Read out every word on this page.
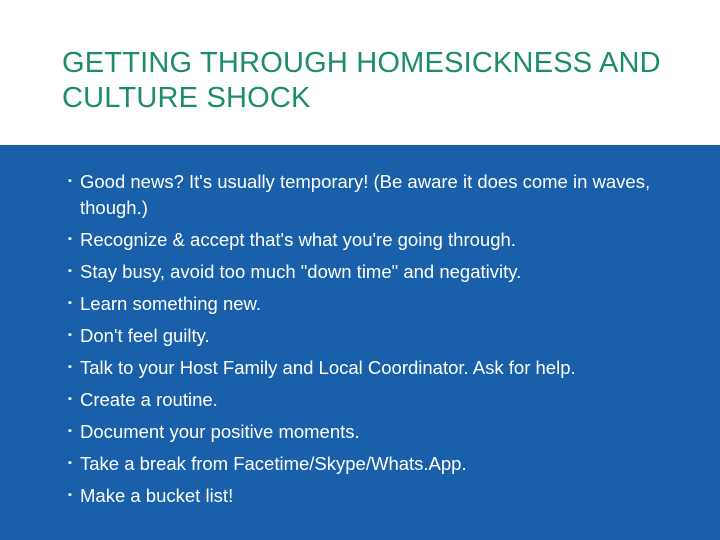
GETTING THROUGH HOMESICKNESS AND CULTURE SHOCK
▪ Good news? It's usually temporary! (Be aware it does come in waves, though.)
▪ Recognize & accept that's what you're going through.
▪ Stay busy, avoid too much "down time" and negativity.
▪ Learn something new.
▪ Don't feel guilty.
▪ Talk to your Host Family and Local Coordinator. Ask for help.
▪ Create a routine.
▪ Document your positive moments.
▪ Take a break from Facetime/Skype/Whats.App.
▪ Make a bucket list!
